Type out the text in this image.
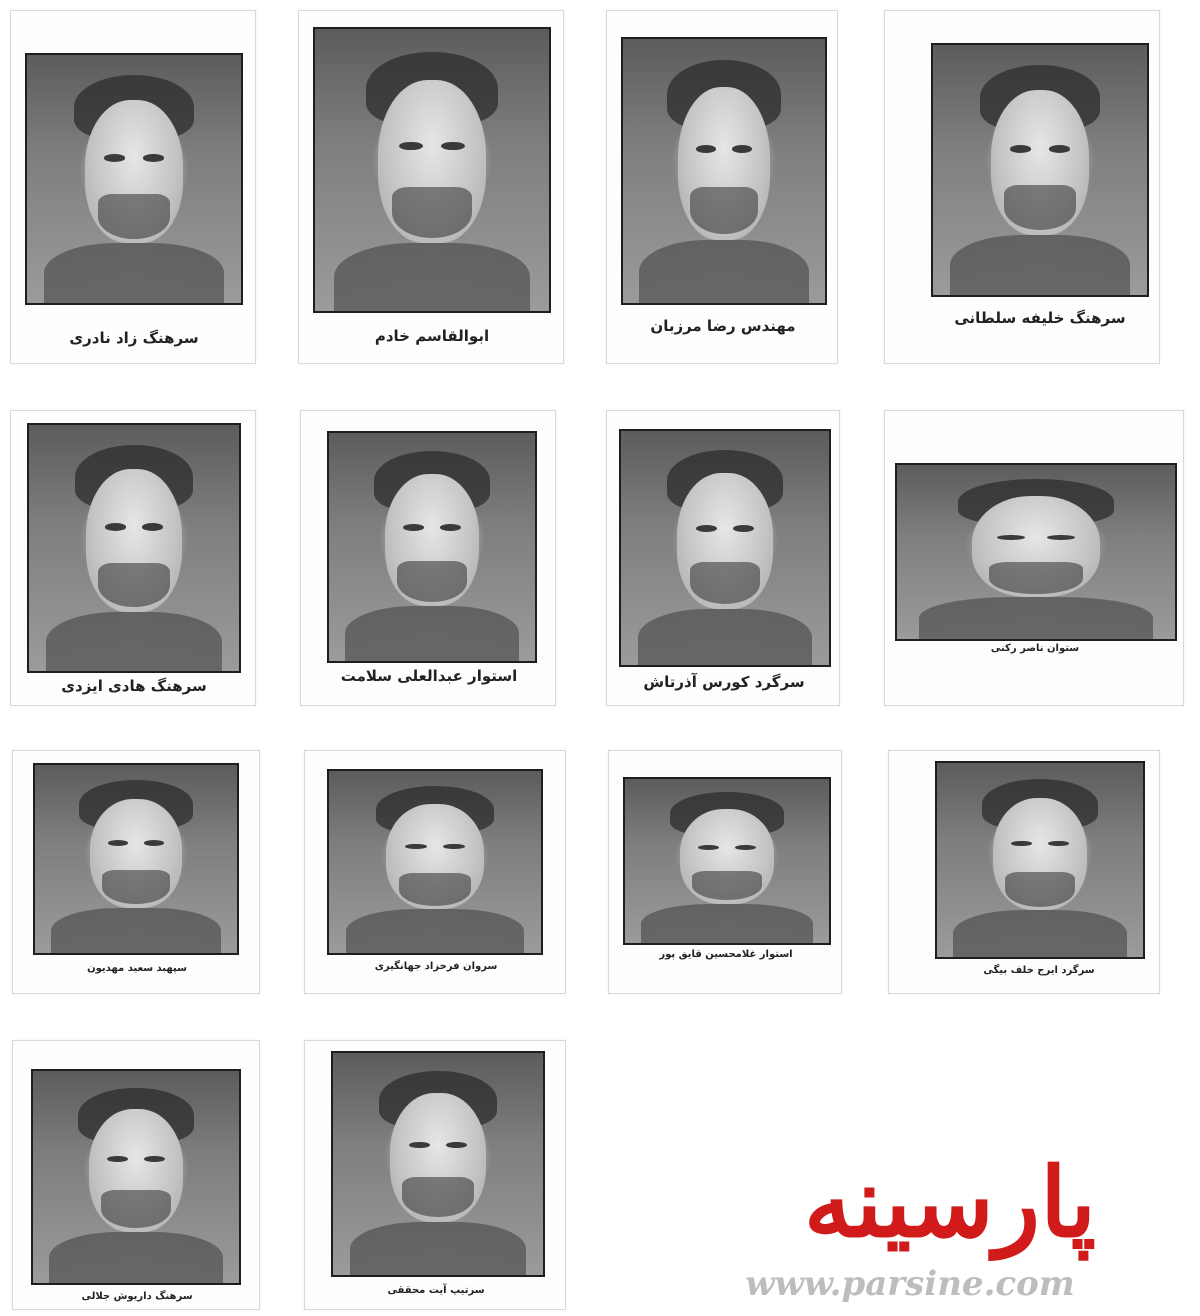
سرهنگ زاد نادری	ابوالقاسم خادم
مهندس رضا مرزبان	سرهنگ خلیفه سلطانی
سرهنگ هادی ایزدی
استوار عبدالعلی سلامت	سرگرد کورس آذرتاش
ستوان ناصر رکنی
سپهبد سعید مهدیون	سروان فرخزاد جهانگیری
استوار غلامحسین قایق پور
سرگرد ایرج خلف بیگی
سرهنگ داریوش جلالی
سرتیپ آیت محققی
پارسینه
www.parsine.com
